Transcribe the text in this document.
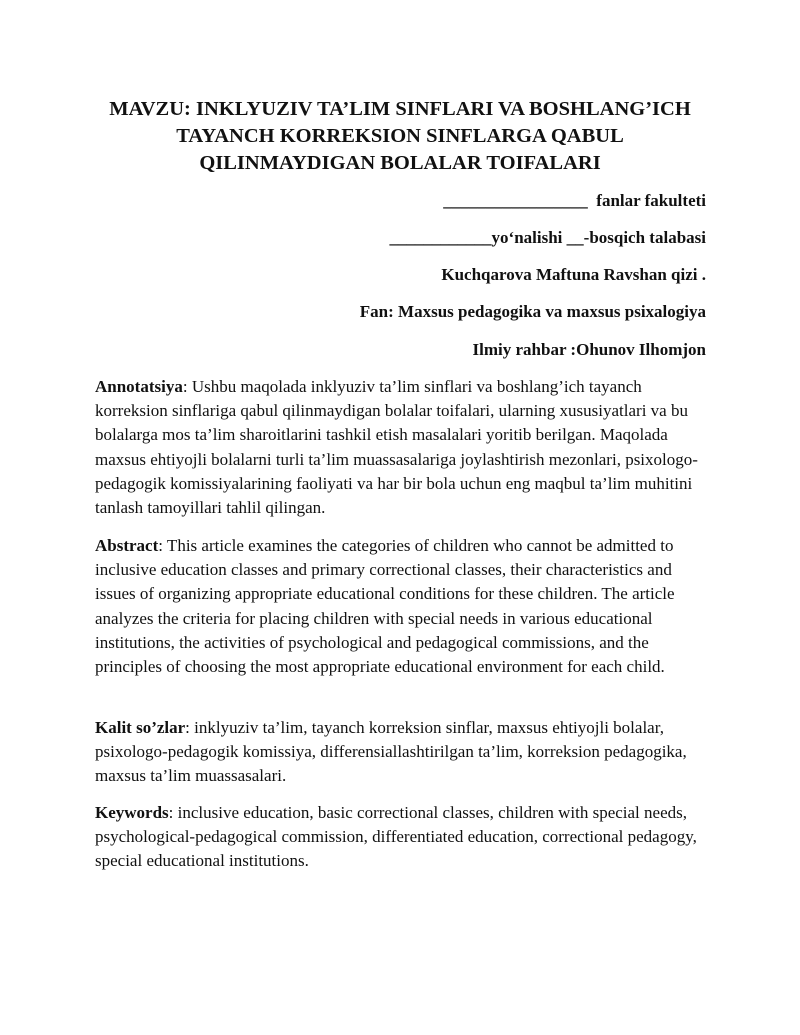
MAVZU: INKLYUZIV TA’LIM SINFLARI VA BOSHLANG’ICH
TAYANCH KORREKSION SINFLARGA QABUL
QILINMAYDIGAN BOLALAR TOIFALARI
_________________  fanlar fakulteti
____________yo‘nalishi __-bosqich talabasi
Kuchqarova Maftuna Ravshan qizi .
Fan: Maxsus pedagogika va maxsus psixalogiya
Ilmiy rahbar :Ohunov Ilhomjon

Annotatsiya: Ushbu maqolada inklyuziv ta’lim sinflari va boshlang’ich tayanch korreksion sinflariga qabul qilinmaydigan bolalar toifalari, ularning xususiyatlari va bu bolalarga mos ta’lim sharoitlarini tashkil etish masalalari yoritib berilgan. Maqolada maxsus ehtiyojli bolalarni turli ta’lim muassasalariga joylashtirish mezonlari, psixologo-pedagogik komissiyalarining faoliyati va har bir bola uchun eng maqbul ta’lim muhitini tanlash tamoyillari tahlil qilingan.

Abstract: This article examines the categories of children who cannot be admitted to inclusive education classes and primary correctional classes, their characteristics and issues of organizing appropriate educational conditions for these children. The article analyzes the criteria for placing children with special needs in various educational institutions, the activities of psychological and pedagogical commissions, and the principles of choosing the most appropriate educational environment for each child.

Kalit so’zlar: inklyuziv ta’lim, tayanch korreksion sinflar, maxsus ehtiyojli bolalar, psixologo-pedagogik komissiya, differensiallashtirilgan ta’lim, korreksion pedagogika, maxsus ta’lim muassasalari.

Keywords: inclusive education, basic correctional classes, children with special needs, psychological-pedagogical commission, differentiated education, correctional pedagogy, special educational institutions.
